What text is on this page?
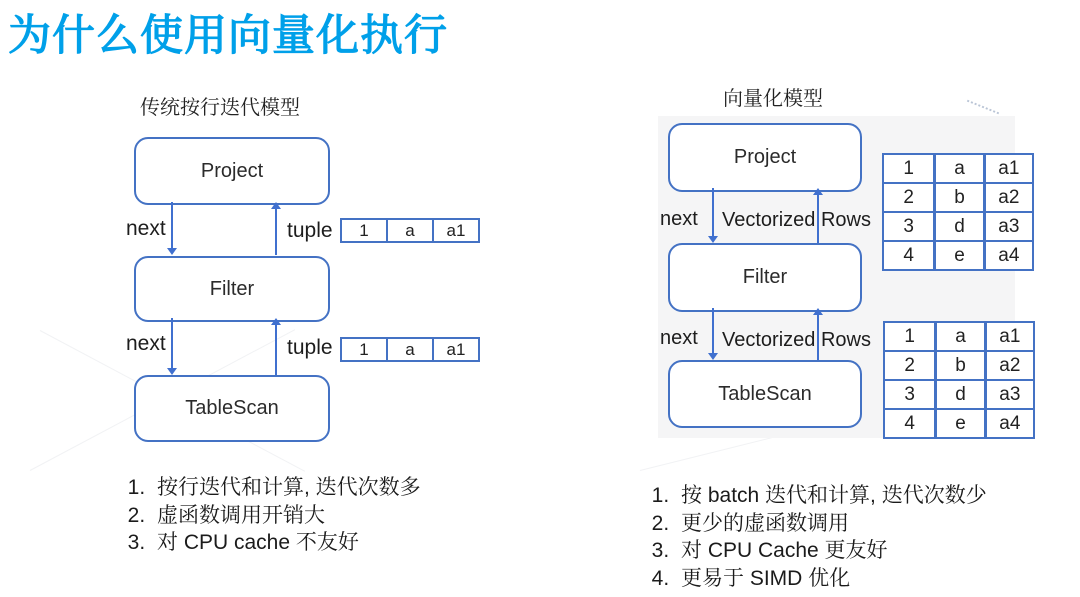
为什么使用向量化执行
传统按行迭代模型
Project
next	tuple	1	a	a1
Filter
next	tuple	1	a	a1
TableScan
1. 按行迭代和计算, 迭代次数多
2. 虚函数调用开销大
3. 对 CPU cache 不友好
向量化模型
Project
next Vectorized Rows
1	a	a1
2	b	a2
3	d	a3
4	e	a4
Filter
next Vectorized Rows	1	a	a1
2	b	a2
3	d	a3
4	e	a4
TableScan
1. 按 batch 迭代和计算, 迭代次数少
2. 更少的虚函数调用
3. 对 CPU Cache 更友好
4. 更易于 SIMD 优化
